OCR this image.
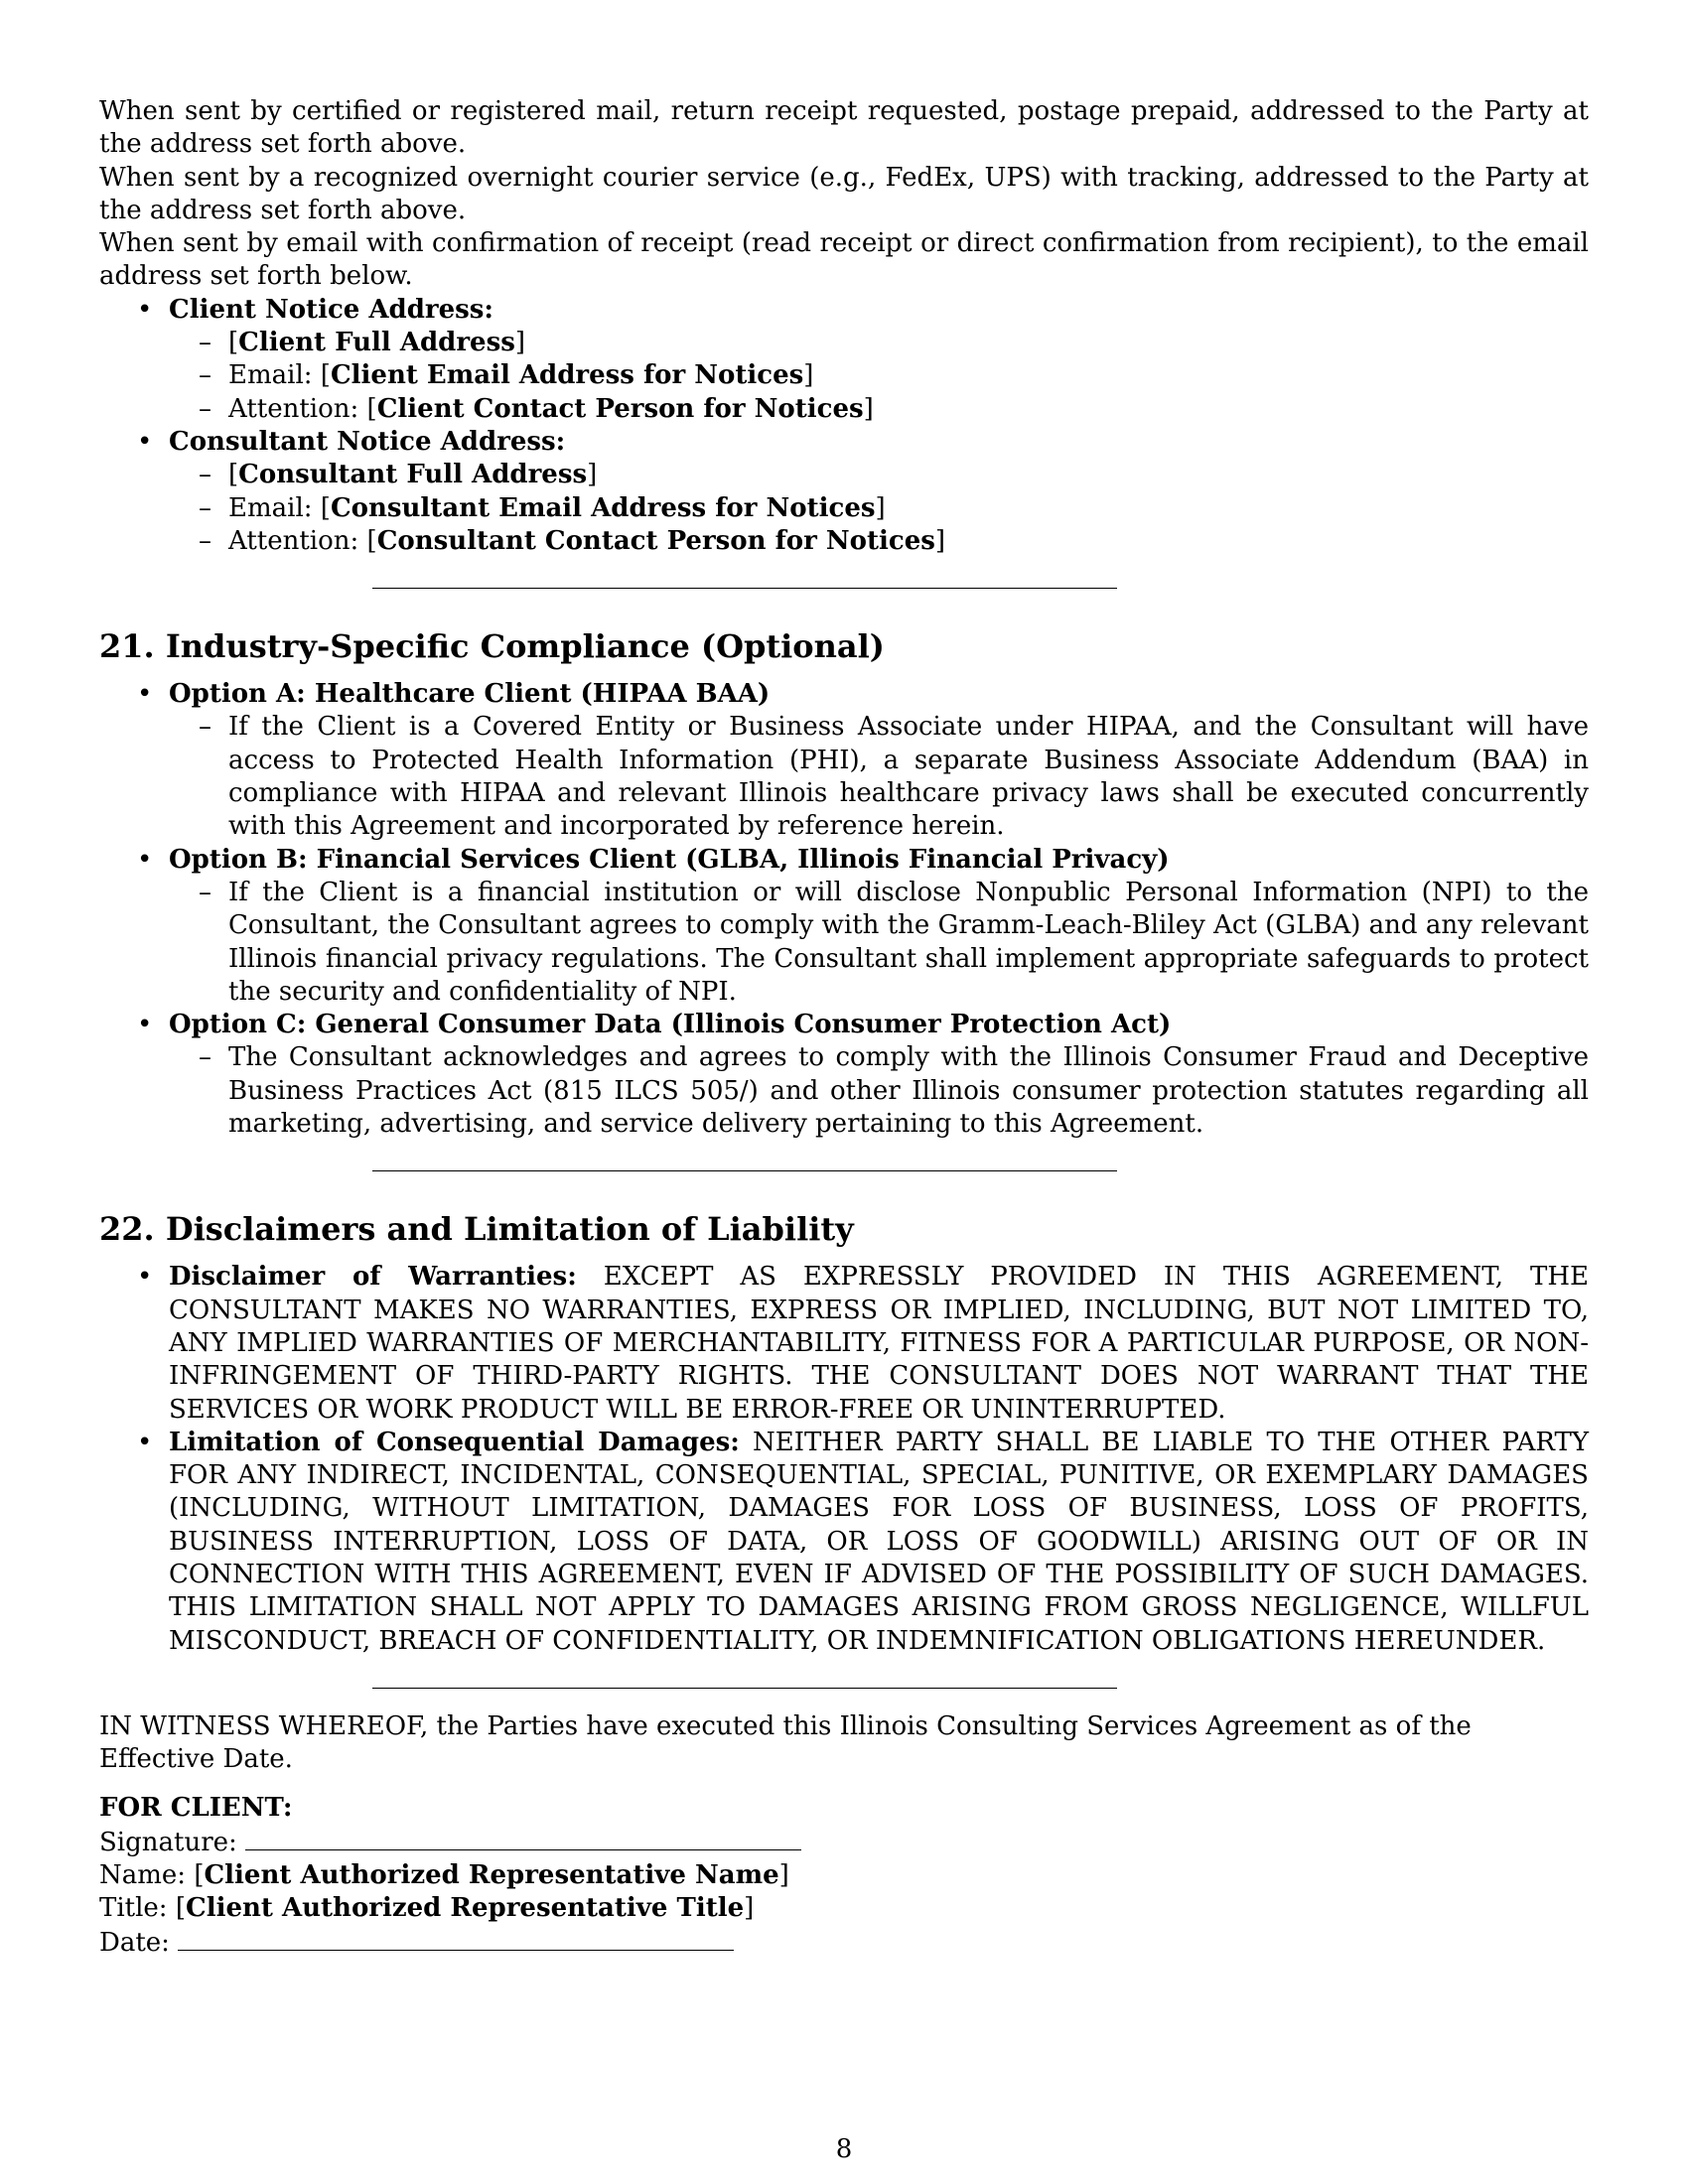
– When sent by certified or registered mail, return receipt requested, postage prepaid, addressed to the Party at the address set forth above.
– When sent by a recognized overnight courier service (e.g., FedEx, UPS) with tracking, addressed to the Party at the address set forth above.
– When sent by email with confirmation of receipt (read receipt or direct confirmation from recipient), to the email address set forth below.
• Client Notice Address:
– [Client Full Address]
– Email: [Client Email Address for Notices]
– Attention: [Client Contact Person for Notices]
• Consultant Notice Address:
– [Consultant Full Address]
– Email: [Consultant Email Address for Notices]
– Attention: [Consultant Contact Person for Notices]
21. Industry-Specific Compliance (Optional)
• Option A: Healthcare Client (HIPAA BAA)
– If the Client is a Covered Entity or Business Associate under HIPAA, and the Consultant will have access to Protected Health Information (PHI), a separate Business Associate Addendum (BAA) in compliance with HIPAA and relevant Illinois healthcare privacy laws shall be executed concurrently with this Agreement and incorporated by reference herein.
• Option B: Financial Services Client (GLBA, Illinois Financial Privacy)
– If the Client is a financial institution or will disclose Nonpublic Personal Information (NPI) to the Consultant, the Consultant agrees to comply with the Gramm-Leach-Bliley Act (GLBA) and any relevant Illinois financial privacy regulations. The Consultant shall implement appropriate safeguards to protect the security and confidentiality of NPI.
• Option C: General Consumer Data (Illinois Consumer Protection Act)
– The Consultant acknowledges and agrees to comply with the Illinois Consumer Fraud and Deceptive Business Practices Act (815 ILCS 505/) and other Illinois consumer protection statutes regarding all marketing, advertising, and service delivery pertaining to this Agreement.
22. Disclaimers and Limitation of Liability
• Disclaimer of Warranties: EXCEPT AS EXPRESSLY PROVIDED IN THIS AGREEMENT, THE CONSULTANT MAKES NO WARRANTIES, EXPRESS OR IMPLIED, INCLUDING, BUT NOT LIMITED TO, ANY IMPLIED WARRANTIES OF MERCHANTABILITY, FITNESS FOR A PARTICULAR PURPOSE, OR NON-INFRINGEMENT OF THIRD-PARTY RIGHTS. THE CONSULTANT DOES NOT WARRANT THAT THE SERVICES OR WORK PRODUCT WILL BE ERROR-FREE OR UNINTERRUPTED.
• Limitation of Consequential Damages: NEITHER PARTY SHALL BE LIABLE TO THE OTHER PARTY FOR ANY INDIRECT, INCIDENTAL, CONSEQUENTIAL, SPECIAL, PUNITIVE, OR EXEMPLARY DAMAGES (INCLUDING, WITHOUT LIMITATION, DAMAGES FOR LOSS OF BUSINESS, LOSS OF PROFITS, BUSINESS INTERRUPTION, LOSS OF DATA, OR LOSS OF GOODWILL) ARISING OUT OF OR IN CONNECTION WITH THIS AGREEMENT, EVEN IF ADVISED OF THE POSSIBILITY OF SUCH DAMAGES. THIS LIMITATION SHALL NOT APPLY TO DAMAGES ARISING FROM GROSS NEGLIGENCE, WILLFUL MISCONDUCT, BREACH OF CONFIDENTIALITY, OR INDEMNIFICATION OBLIGATIONS HEREUNDER.

IN WITNESS WHEREOF, the Parties have executed this Illinois Consulting Services Agreement as of the Effective Date.

FOR CLIENT:

Signature:

Name: [Client Authorized Representative Name]

Title: [Client Authorized Representative Title]

Date:

8
